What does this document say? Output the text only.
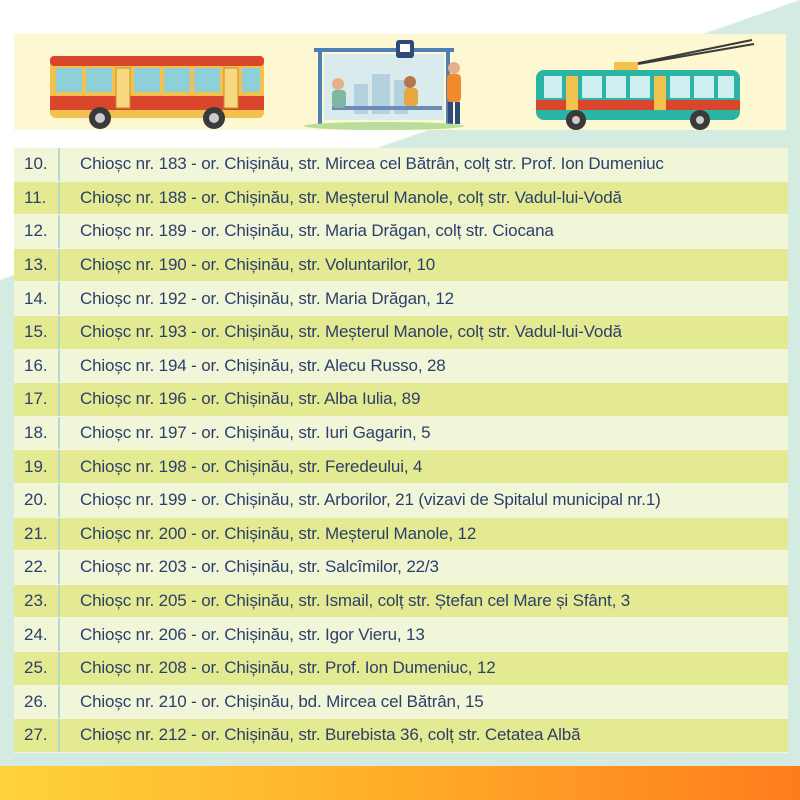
10.	Chioșc nr. 183 - or. Chișinău, str. Mircea cel Bătrân, colț str. Prof. Ion Dumeniuc
11.	Chioșc nr. 188 - or. Chișinău, str. Meșterul Manole, colț str. Vadul-lui-Vodă
12.	Chioșc nr. 189 - or. Chișinău, str. Maria Drăgan, colț str. Ciocana
13.	Chioșc nr. 190 - or. Chișinău, str. Voluntarilor, 10
14.	Chioșc nr. 192 - or. Chișinău, str. Maria Drăgan, 12
15.	Chioșc nr. 193 - or. Chișinău, str. Meșterul Manole, colț str. Vadul-lui-Vodă
16.	Chioșc nr. 194 - or. Chișinău, str. Alecu Russo, 28
17.	Chioșc nr. 196 - or. Chișinău, str. Alba Iulia, 89
18.	Chioșc nr. 197 - or. Chișinău, str. Iuri Gagarin, 5
19.	Chioșc nr. 198 - or. Chișinău, str. Feredeului, 4
20.	Chioșc nr. 199 - or. Chișinău, str. Arborilor, 21 (vizavi de Spitalul municipal nr.1)
21.	Chioșc nr. 200 - or. Chișinău, str. Meșterul Manole, 12
22.	Chioșc nr. 203 - or. Chișinău, str. Salcîmilor, 22/3
23.	Chioșc nr. 205 - or. Chișinău, str. Ismail, colț str. Ștefan cel Mare și Sfânt, 3
24.	Chioșc nr. 206 - or. Chișinău, str. Igor Vieru, 13
25.	Chioșc nr. 208 - or. Chișinău, str. Prof. Ion Dumeniuc, 12
26.	Chioșc nr. 210 - or. Chișinău, bd. Mircea cel Bătrân, 15
27.	Chioșc nr. 212 - or. Chișinău, str. Burebista 36, colț str. Cetatea Albă
